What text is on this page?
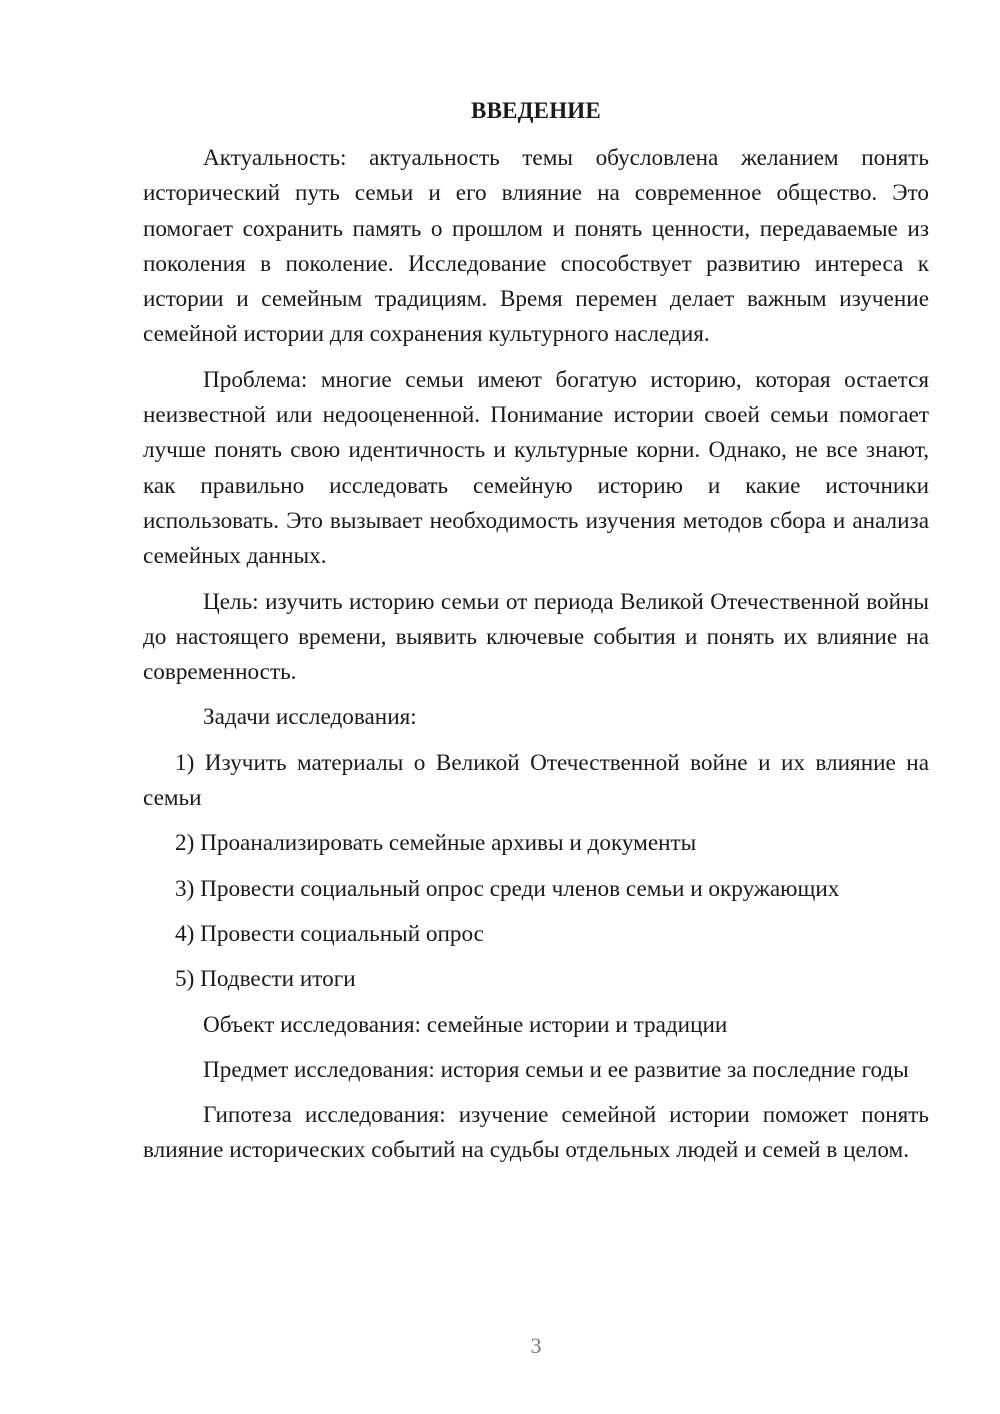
ВВЕДЕНИЕ

Актуальность: актуальность темы обусловлена желанием понять исторический путь семьи и его влияние на современное общество. Это помогает сохранить память о прошлом и понять ценности, передаваемые из поколения в поколение. Исследование способствует развитию интереса к истории и семейным традициям. Время перемен делает важным изучение семейной истории для сохранения культурного наследия.

Проблема: многие семьи имеют богатую историю, которая остается неизвестной или недооцененной. Понимание истории своей семьи помогает лучше понять свою идентичность и культурные корни. Однако, не все знают, как правильно исследовать семейную историю и какие источники использовать. Это вызывает необходимость изучения методов сбора и анализа семейных данных.

Цель: изучить историю семьи от периода Великой Отечественной войны до настоящего времени, выявить ключевые события и понять их влияние на современность.

Задачи исследования:

1) Изучить материалы о Великой Отечественной войне и их влияние на семьи

2) Проанализировать семейные архивы и документы

3) Провести социальный опрос среди членов семьи и окружающих

4) Провести социальный опрос

5) Подвести итоги

Объект исследования: семейные истории и традиции

Предмет исследования: история семьи и ее развитие за последние годы

Гипотеза исследования: изучение семейной истории поможет понять влияние исторических событий на судьбы отдельных людей и семей в целом.

3
